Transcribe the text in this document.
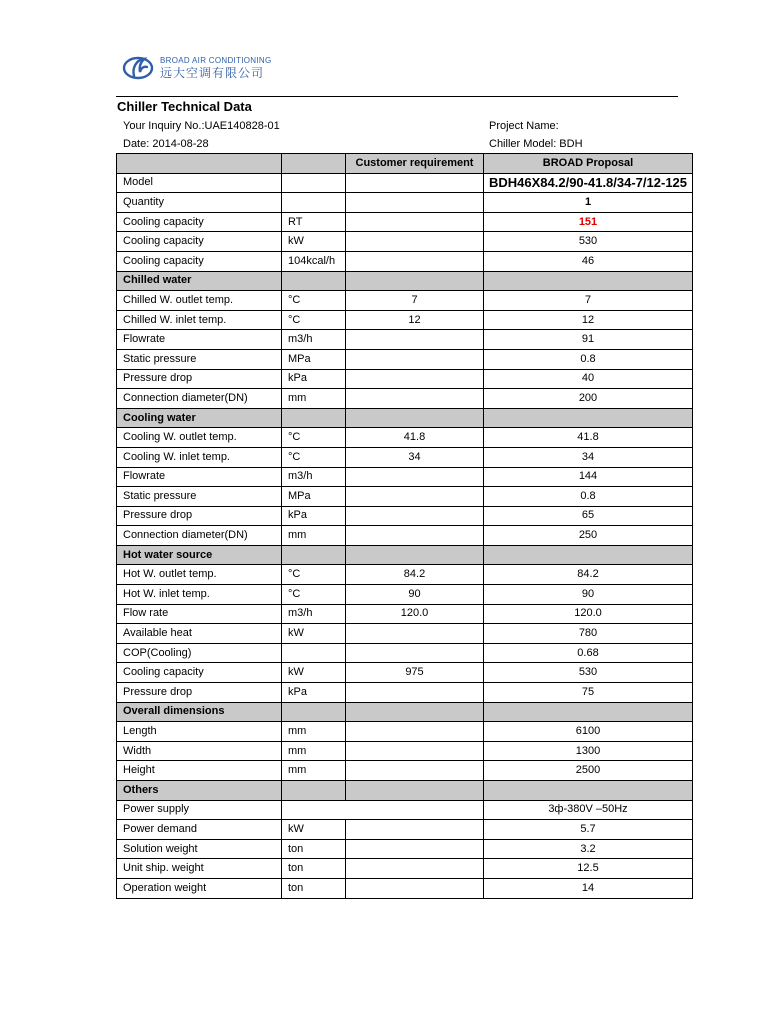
BROAD AIR CONDITIONING
远大空调有限公司
Chiller Technical Data
Your Inquiry No.:UAE140828-01	Project Name:
Date: 2014-08-28	Chiller Model: BDH
		Customer requirement	BROAD Proposal
Model			BDH46X84.2/90-41.8/34-7/12-125
Quantity			1
Cooling capacity	RT		151
Cooling capacity	kW		530
Cooling capacity	104kcal/h		46
Chilled water			
Chilled W. outlet temp.	°C	7	7
Chilled W. inlet temp.	°C	12	12
Flowrate	m3/h		91
Static pressure	MPa		0.8
Pressure drop	kPa		40
Connection diameter(DN)	mm		200
Cooling water			
Cooling W. outlet temp.	°C	41.8	41.8
Cooling W. inlet temp.	°C	34	34
Flowrate	m3/h		144
Static pressure	MPa		0.8
Pressure drop	kPa		65
Connection diameter(DN)	mm		250
Hot water source			
Hot W. outlet temp.	°C	84.2	84.2
Hot W. inlet temp.	°C	90	90
Flow rate	m3/h	120.0	120.0
Available heat	kW		780
COP(Cooling)			0.68
Cooling capacity	kW	975	530
Pressure drop	kPa		75
Overall dimensions			
Length	mm		6100
Width	mm		1300
Height	mm		2500
Others			
Power supply			3ф-380V –50Hz
Power demand	kW		5.7
Solution weight	ton		3.2
Unit ship. weight	ton		12.5
Operation weight	ton		14
